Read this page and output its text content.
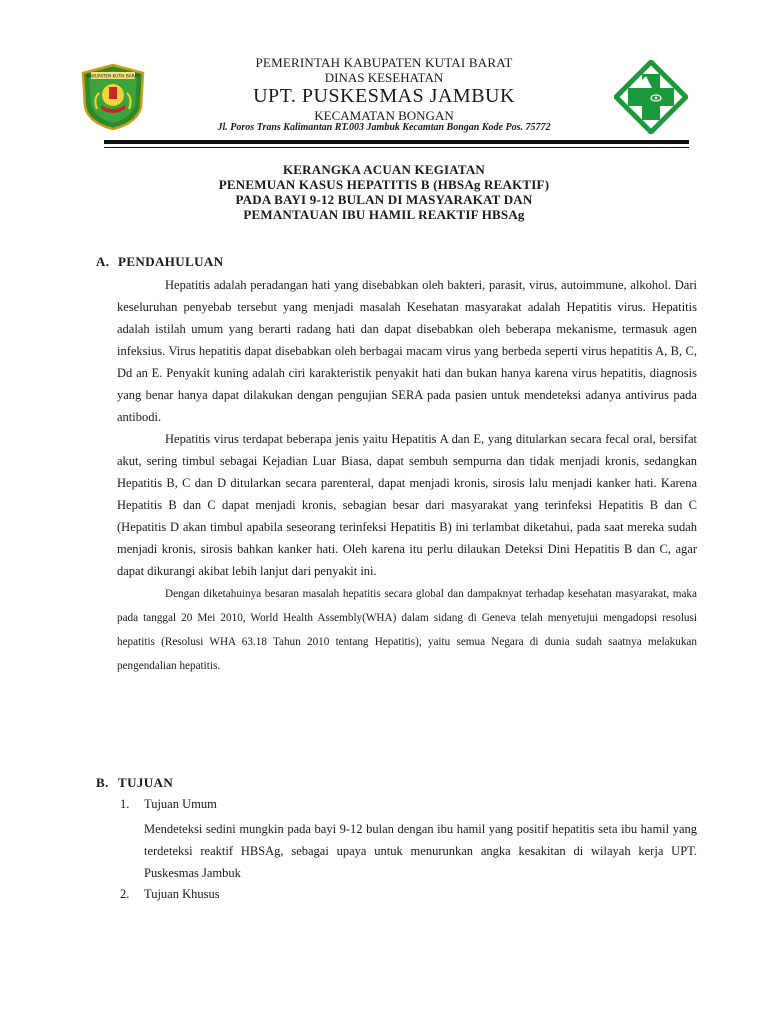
KABUPATEN KUTAI BARAT
PEMERINTAH KABUPATEN KUTAI BARAT
DINAS KESEHATAN
UPT. PUSKESMAS JAMBUK
KECAMATAN BONGAN
Jl. Poros Trans Kalimantan RT.003 Jambuk Kecamtan Bongan Kode Pos. 75772
KERANGKA ACUAN KEGIATAN
PENEMUAN KASUS HEPATITIS B (HBSAg REAKTIF)
PADA BAYI 9-12 BULAN DI MASYARAKAT DAN
PEMANTAUAN IBU HAMIL REAKTIF HBSAg
A. PENDAHULUAN

Hepatitis adalah peradangan hati yang disebabkan oleh bakteri, parasit, virus, autoimmune, alkohol. Dari keseluruhan penyebab tersebut yang menjadi masalah Kesehatan masyarakat adalah Hepatitis virus. Hepatitis adalah istilah umum yang berarti radang hati dan dapat disebabkan oleh beberapa mekanisme, termasuk agen infeksius. Virus hepatitis dapat disebabkan oleh berbagai macam virus yang berbeda seperti virus hepatitis A, B, C, Dd an E. Penyakit kuning adalah ciri karakteristik penyakit hati dan bukan hanya karena virus hepatitis, diagnosis yang benar hanya dapat dilakukan dengan pengujian SERA pada pasien untuk mendeteksi adanya antivirus pada antibodi.

Hepatitis virus terdapat beberapa jenis yaitu Hepatitis A dan E, yang ditularkan secara fecal oral, bersifat akut, sering timbul sebagai Kejadian Luar Biasa, dapat sembuh sempurna dan tidak menjadi kronis, sedangkan Hepatitis B, C dan D ditularkan secara parenteral, dapat menjadi kronis, sirosis lalu menjadi kanker hati. Karena Hepatitis B dan C dapat menjadi kronis, sebagian besar dari masyarakat yang terinfeksi Hepatitis B dan C (Hepatitis D akan timbul apabila seseorang terinfeksi Hepatitis B) ini terlambat diketahui, pada saat mereka sudah menjadi kronis, sirosis bahkan kanker hati. Oleh karena itu perlu dilaukan Deteksi Dini Hepatitis B dan C, agar dapat dikurangi akibat lebih lanjut dari penyakit ini.

Dengan diketahuinya besaran masalah hepatitis secara global dan dampaknyat terhadap kesehatan masyarakat, maka pada tanggal 20 Mei 2010, World Health Assembly(WHA) dalam sidang di Geneva telah menyetujui mengadopsi resolusi hepatitis (Resolusi WHA 63.18 Tahun 2010 tentang Hepatitis), yaitu semua Negara di dunia sudah saatnya melakukan pengendalian hepatitis.

B. TUJUAN
1. Tujuan Umum
Mendeteksi sedini mungkin pada bayi 9-12 bulan dengan ibu hamil yang positif hepatitis seta ibu hamil yang terdeteksi reaktif HBSAg, sebagai upaya untuk menurunkan angka kesakitan di wilayah kerja UPT. Puskesmas Jambuk
2. Tujuan Khusus
